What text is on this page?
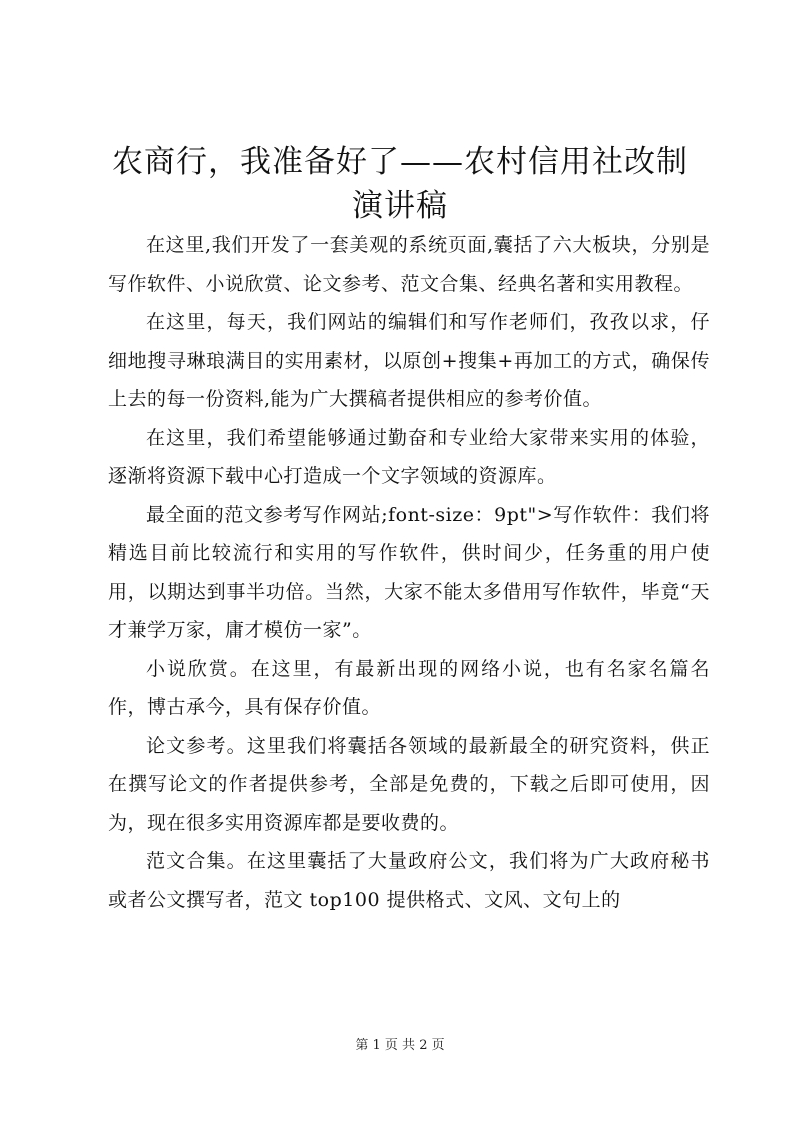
农商行，我准备好了——农村信用社改制演讲稿

在这里,我们开发了一套美观的系统页面,囊括了六大板块，分别是写作软件、小说欣赏、论文参考、范文合集、经典名著和实用教程。

在这里，每天，我们网站的编辑们和写作老师们，孜孜以求，仔细地搜寻琳琅满目的实用素材，以原创+搜集+再加工的方式，确保传上去的每一份资料,能为广大撰稿者提供相应的参考价值。

在这里，我们希望能够通过勤奋和专业给大家带来实用的体验，逐渐将资源下载中心打造成一个文字领域的资源库。

最全面的范文参考写作网站;font-size：9pt">写作软件：我们将精选目前比较流行和实用的写作软件，供时间少，任务重的用户使用，以期达到事半功倍。当然，大家不能太多借用写作软件，毕竟“天才兼学万家，庸才模仿一家”。

小说欣赏。在这里，有最新出现的网络小说，也有名家名篇名作，博古承今，具有保存价值。

论文参考。这里我们将囊括各领域的最新最全的研究资料，供正在撰写论文的作者提供参考，全部是免费的，下载之后即可使用，因为，现在很多实用资源库都是要收费的。

范文合集。在这里囊括了大量政府公文，我们将为广大政府秘书或者公文撰写者，范文 top100 提供格式、文风、文句上的

第 1 页 共 2 页
